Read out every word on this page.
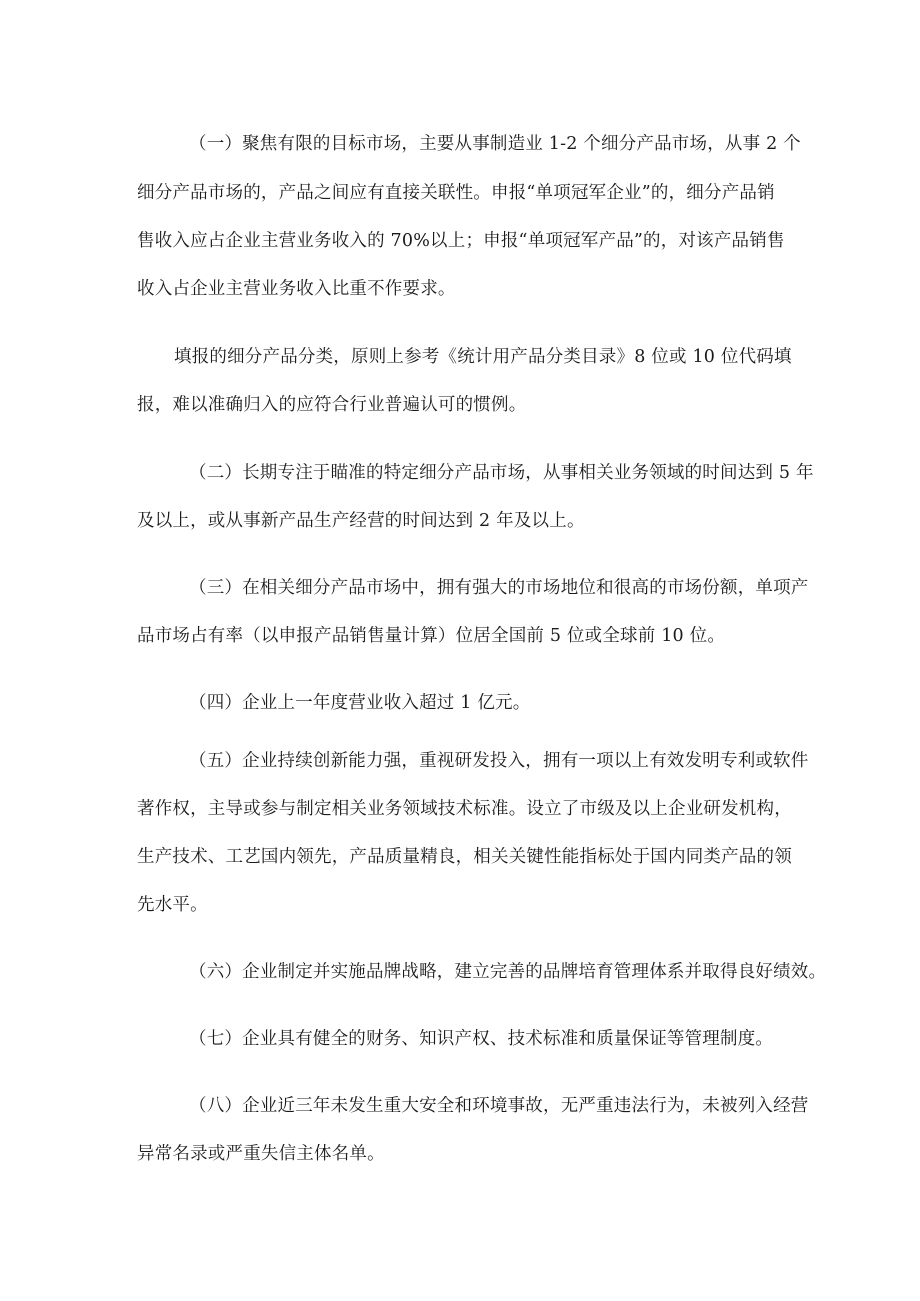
（一）聚焦有限的目标市场，主要从事制造业 1-2 个细分产品市场，从事 2 个
细分产品市场的，产品之间应有直接关联性。申报“单项冠军企业”的，细分产品销
售收入应占企业主营业务收入的 70%以上；申报“单项冠军产品”的，对该产品销售
收入占企业主营业务收入比重不作要求。
填报的细分产品分类，原则上参考《统计用产品分类目录》8 位或 10 位代码填
报，难以准确归入的应符合行业普遍认可的惯例。
（二）长期专注于瞄准的特定细分产品市场，从事相关业务领域的时间达到 5 年
及以上，或从事新产品生产经营的时间达到 2 年及以上。
（三）在相关细分产品市场中，拥有强大的市场地位和很高的市场份额，单项产
品市场占有率（以申报产品销售量计算）位居全国前 5 位或全球前 10 位。
（四）企业上一年度营业收入超过 1 亿元。
（五）企业持续创新能力强，重视研发投入，拥有一项以上有效发明专利或软件
著作权，主导或参与制定相关业务领域技术标准。设立了市级及以上企业研发机构，
生产技术、工艺国内领先，产品质量精良，相关关键性能指标处于国内同类产品的领
先水平。
（六）企业制定并实施品牌战略，建立完善的品牌培育管理体系并取得良好绩效。
（七）企业具有健全的财务、知识产权、技术标准和质量保证等管理制度。
（八）企业近三年未发生重大安全和环境事故，无严重违法行为，未被列入经营
异常名录或严重失信主体名单。
